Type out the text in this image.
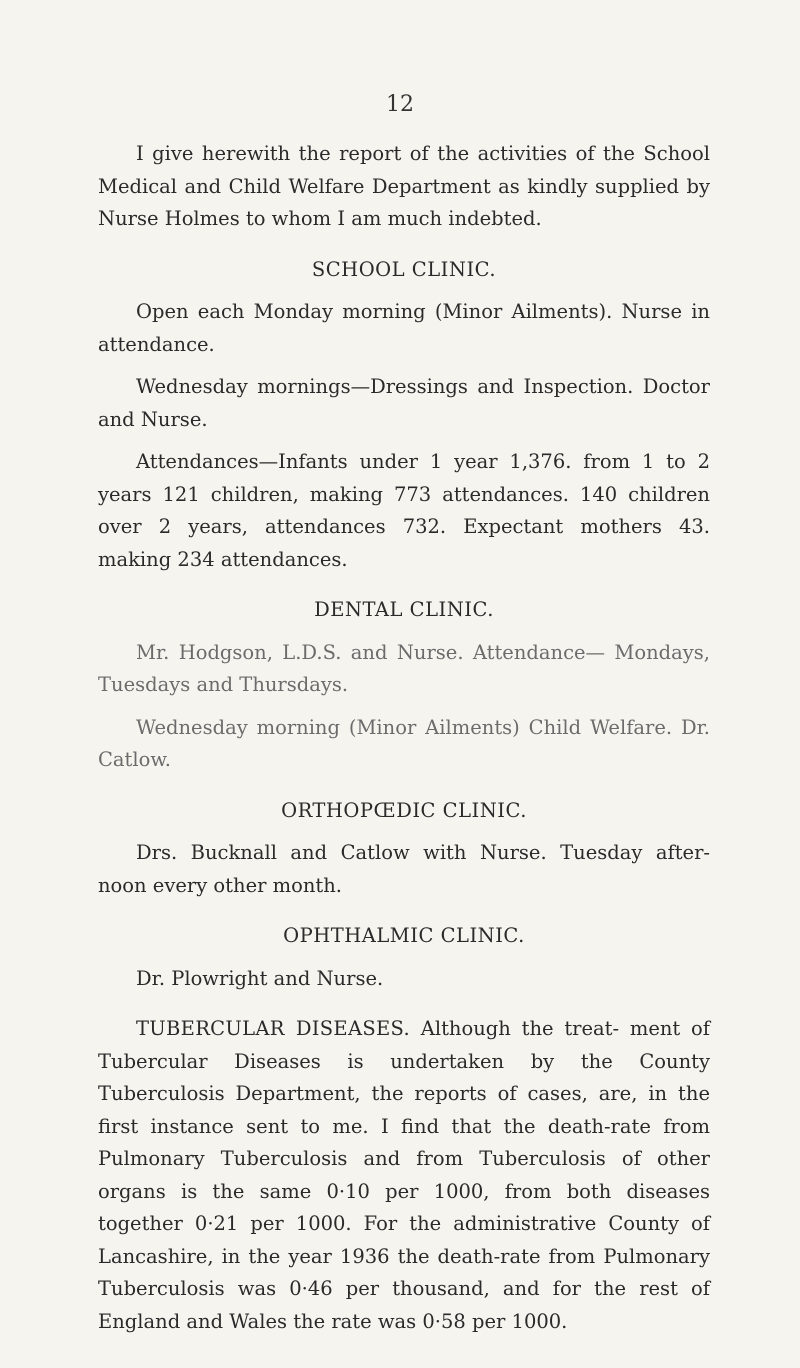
12

I give herewith the report of the activities of the School Medical and Child Welfare Department as kindly supplied by Nurse Holmes to whom I am much indebted.

SCHOOL CLINIC.

Open each Monday morning (Minor Ailments). Nurse in attendance.

Wednesday mornings—Dressings and Inspection. Doctor and Nurse.

Attendances—Infants under 1 year 1,376. from 1 to 2 years 121 children, making 773 attendances. 140 children over 2 years, attendances 732. Expectant mothers 43. making 234 attendances.

DENTAL CLINIC.

Mr. Hodgson, L.D.S. and Nurse. Attendance— Mondays, Tuesdays and Thursdays.

Wednesday morning (Minor Ailments) Child Welfare. Dr. Catlow.

ORTHOPŒDIC CLINIC.

Drs. Bucknall and Catlow with Nurse. Tuesday after- noon every other month.

OPHTHALMIC CLINIC.

Dr. Plowright and Nurse.

TUBERCULAR DISEASES. Although the treat- ment of Tubercular Diseases is undertaken by the County Tuberculosis Department, the reports of cases, are, in the first instance sent to me. I find that the death-rate from Pulmonary Tuberculosis and from Tuberculosis of other organs is the same 0·10 per 1000, from both diseases together 0·21 per 1000. For the administrative County of Lancashire, in the year 1936 the death-rate from Pulmonary Tuberculosis was 0·46 per thousand, and for the rest of England and Wales the rate was 0·58 per 1000.
